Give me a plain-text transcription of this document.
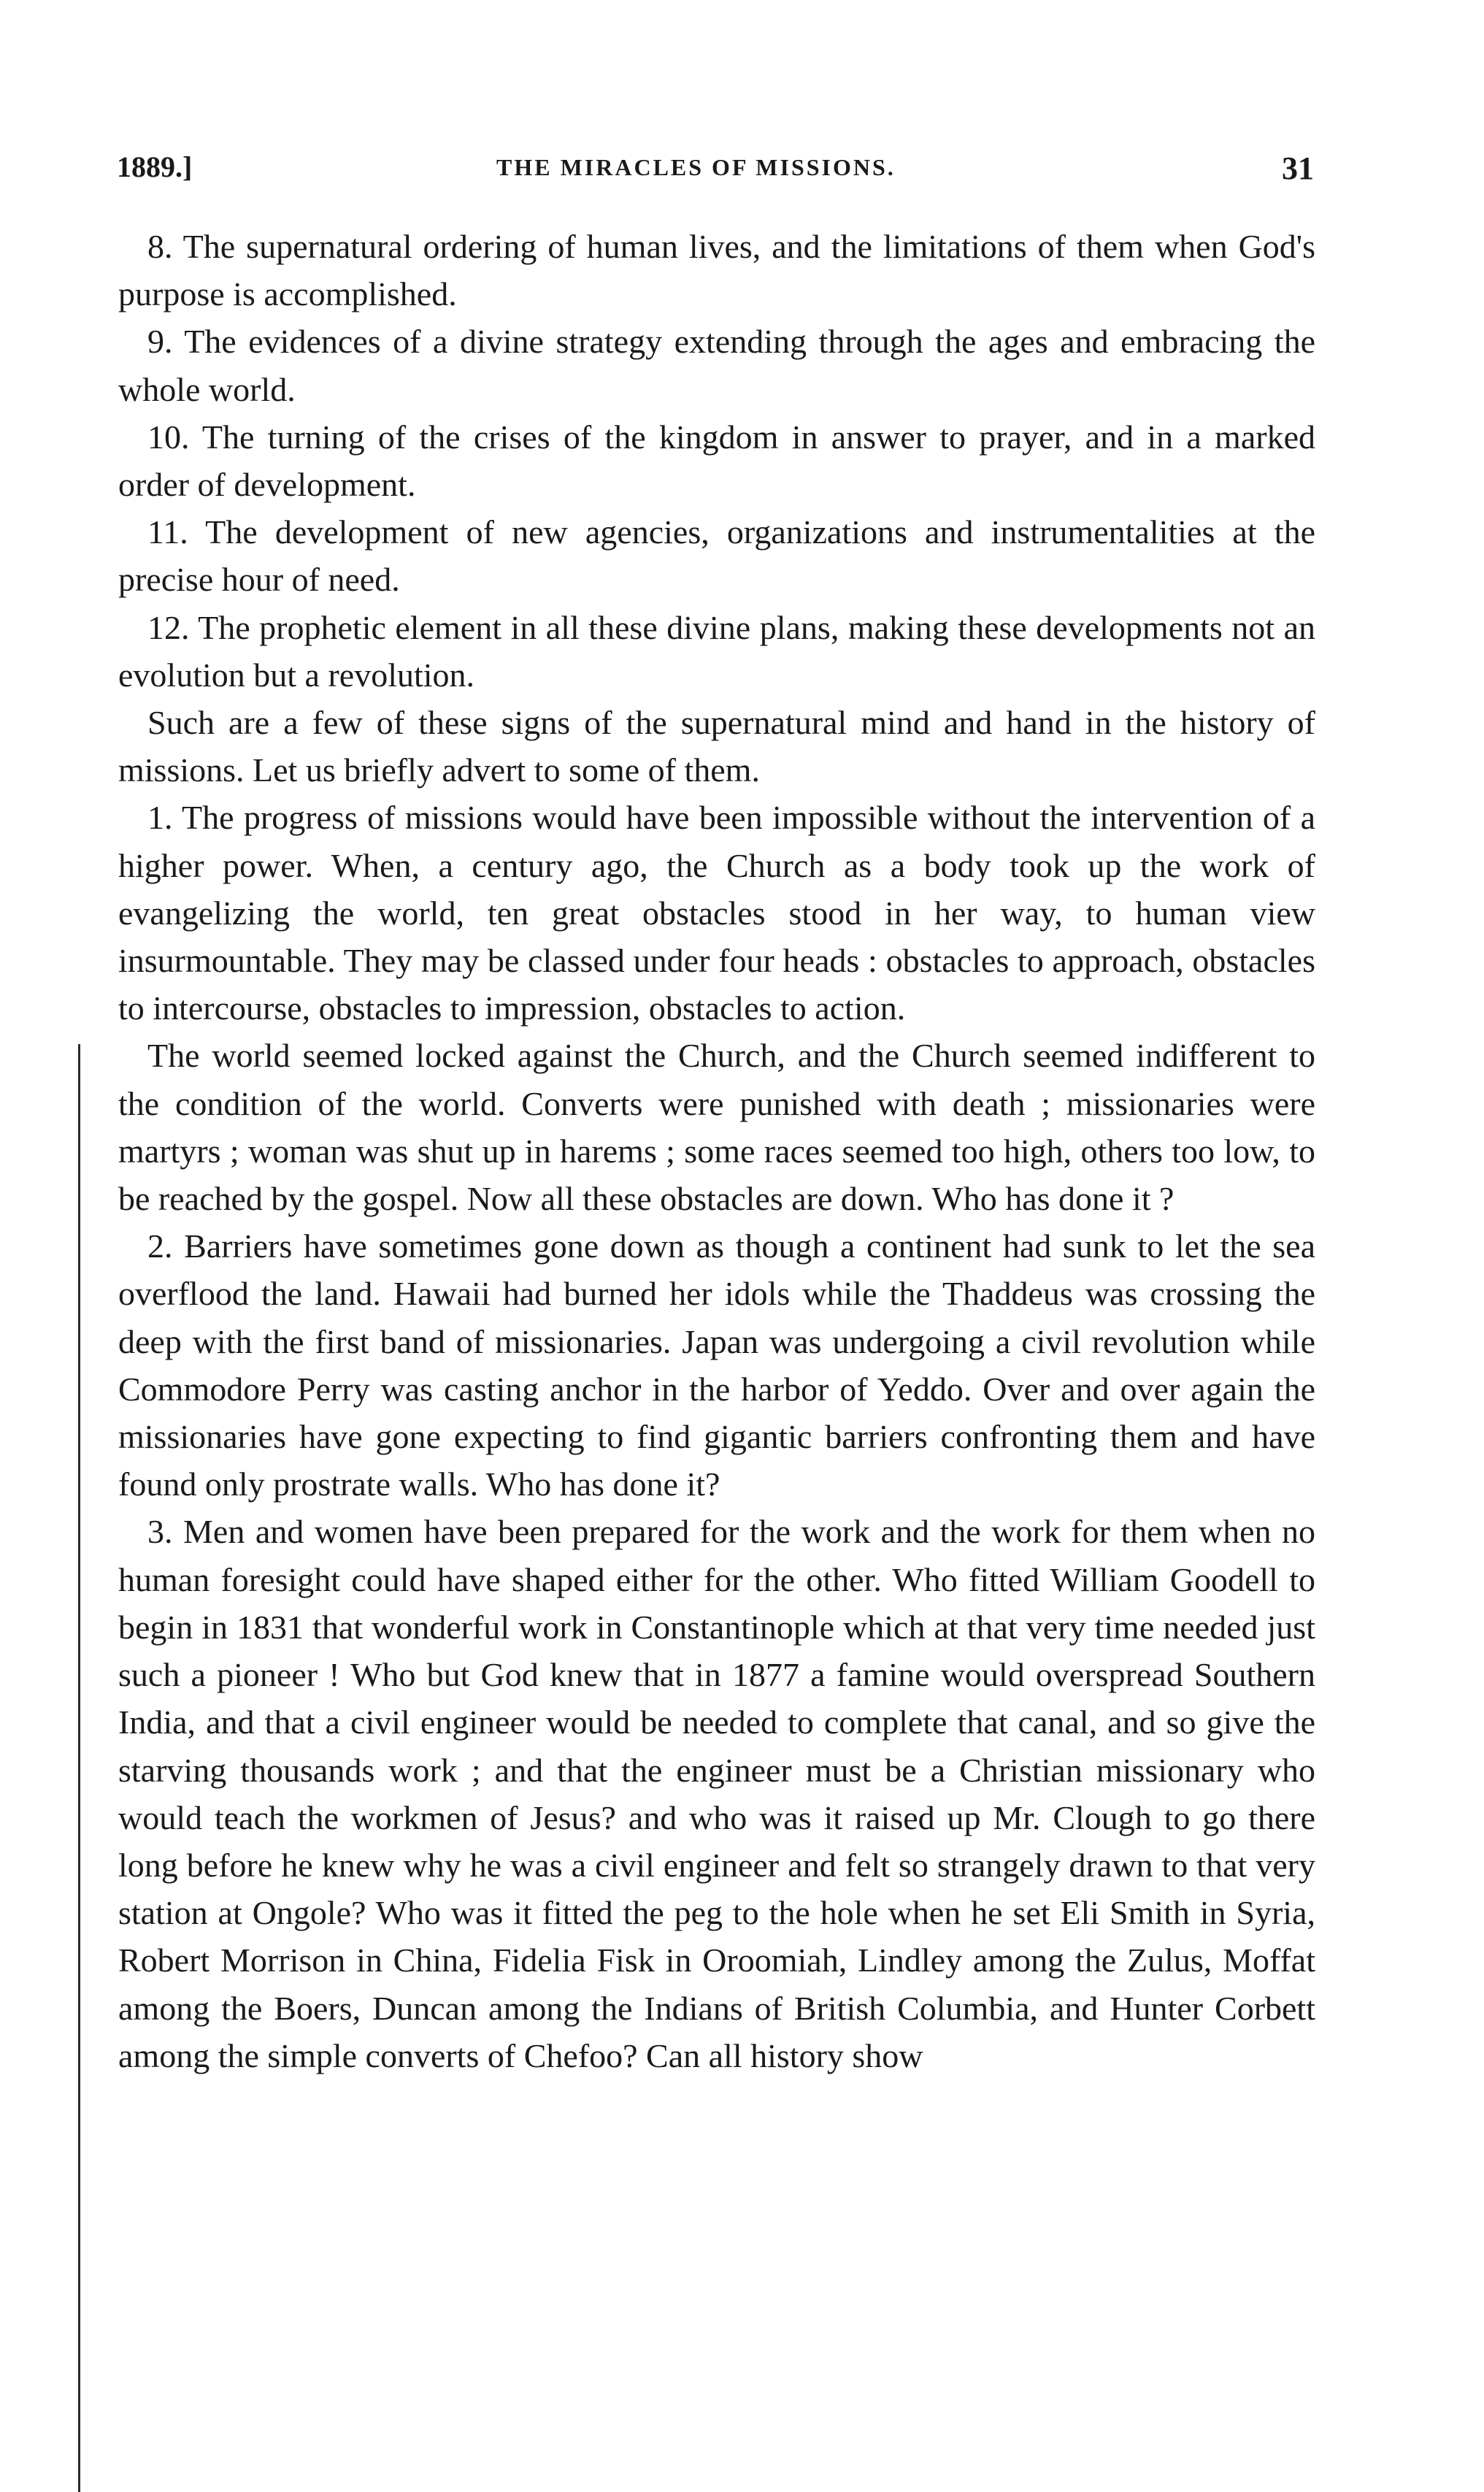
1889.]	THE MIRACLES OF MISSIONS.	31

8. The supernatural ordering of human lives, and the limitations of them when God's purpose is accomplished.

9. The evidences of a divine strategy extending through the ages and embracing the whole world.

10. The turning of the crises of the kingdom in answer to prayer, and in a marked order of development.

11. The development of new agencies, organizations and instrumentalities at the precise hour of need.

12. The prophetic element in all these divine plans, making these developments not an evolution but a revolution.

Such are a few of these signs of the supernatural mind and hand in the history of missions. Let us briefly advert to some of them.

1. The progress of missions would have been impossible without the intervention of a higher power. When, a century ago, the Church as a body took up the work of evangelizing the world, ten great obstacles stood in her way, to human view insurmountable. They may be classed under four heads : obstacles to approach, obstacles to intercourse, obstacles to impression, obstacles to action.

The world seemed locked against the Church, and the Church seemed indifferent to the condition of the world. Converts were punished with death ; missionaries were martyrs ; woman was shut up in harems ; some races seemed too high, others too low, to be reached by the gospel. Now all these obstacles are down. Who has done it ?

2. Barriers have sometimes gone down as though a continent had sunk to let the sea overflood the land. Hawaii had burned her idols while the Thaddeus was crossing the deep with the first band of missionaries. Japan was undergoing a civil revolution while Commodore Perry was casting anchor in the harbor of Yeddo. Over and over again the missionaries have gone expecting to find gigantic barriers confronting them and have found only prostrate walls. Who has done it?

3. Men and women have been prepared for the work and the work for them when no human foresight could have shaped either for the other. Who fitted William Goodell to begin in 1831 that wonderful work in Constantinople which at that very time needed just such a pioneer ! Who but God knew that in 1877 a famine would overspread Southern India, and that a civil engineer would be needed to complete that canal, and so give the starving thousands work ; and that the engineer must be a Christian missionary who would teach the workmen of Jesus? and who was it raised up Mr. Clough to go there long before he knew why he was a civil engineer and felt so strangely drawn to that very station at Ongole? Who was it fitted the peg to the hole when he set Eli Smith in Syria, Robert Morrison in China, Fidelia Fisk in Oroomiah, Lindley among the Zulus, Moffat among the Boers, Duncan among the Indians of British Columbia, and Hunter Corbett among the simple converts of Chefoo? Can all history show
